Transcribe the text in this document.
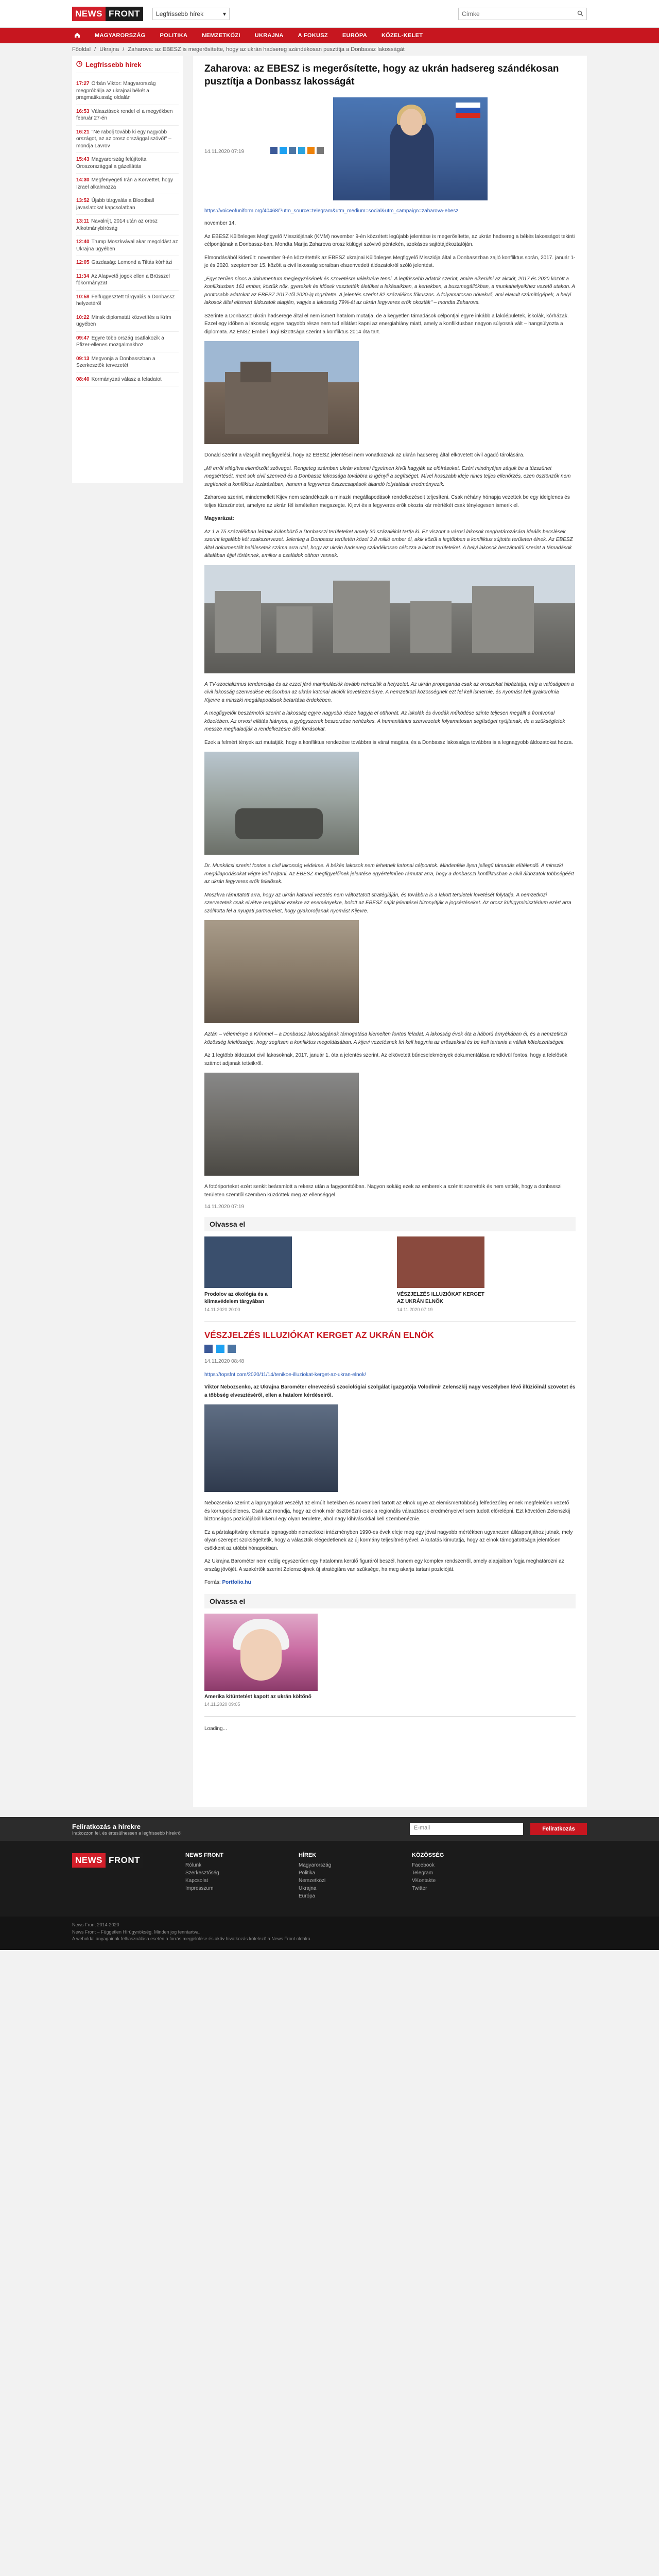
NEWS FRONT	Legfrissebb hírek	▾	Címke
MAGYARORSZÁG	POLITIKA	NEMZETKÖZI	UKRAJNA	A FOKUSZ	EURÓPA	KÖZEL-KELET
Főoldal / Ukrajna / Zaharova: az EBESZ is megerősítette, hogy az ukrán hadsereg szándékosan pusztítja a Donbassz lakosságát
Legfrissebb hírek
17:27 Orbán Viktor: Magyarország megpróbálja az ukrajnai békét a pragmatikusság oldalán
16:53 Választások rendel el a megyékben február 27-én
16:21 "Ne rabolj tovább ki egy nagyobb országot, az az orosz országgal szövőt" – mondja Lavrov
15:43 Magyarország felújította Oroszországgal a gázellátás
14:30 Megfenyegeti Irán a Korvettet, hogy Izrael alkalmazza
13:52 Újabb tárgyalás a Bloodball javaslatokat kapcsolatban
13:11 Navalnijt, 2014 után az orosz Alkotmánybíróság
12:40 Trump Moszkvával akar megoldást az Ukrajna ügyében
12:05 Gazdaság: Lemond a Tiltás kórházi
11:34 Az Alapvető jogok ellen a Brüsszel főkormányzat
10:58 Felfüggesztett tárgyalás a Donbassz helyzetéről
10:22 Minsk diplomatát közvetítés a Krím ügyében
09:47 Egyre több ország csatlakozik a Pfizer-ellenes mozgalmakhoz
09:13 Megvonja a Donbasszban a Szerkesztők tervezetét
08:40 Kormányzati válasz a feladatot
Zaharova: az EBESZ is megerősítette, hogy az ukrán hadsereg szándékosan pusztítja a Donbassz lakosságát
14.11.2020 07:19
https://voiceofuniform.org/40468/?utm_source=telegram&utm_medium=social&utm_campaign=zaharova-ebesz
november 14.
Az EBESZ Különleges Megfigyelő Missziójának (KMM) november 9-én közzétett legújabb jelentése is megerősítette, az ukrán hadsereg a békés lakosságot tekinti célpontjának a Donbassz-ban. Mondta Marija Zaharova orosz külügyi szóvivő péntekén, szokásos sajtótájékoztatóján.
Elmondásából kiderült: november 9-én közzétették az EBESZ ukrajnai Különleges Megfigyelő Missziója által a Donbasszban zajló konfliktus során, 2017. január 1-je és 2020. szeptember 15. között a civil lakosság soraiban elszenvedett áldozatokról szóló jelentést.
„Egyszerűen nincs a dokumentum megjegyzésének és szövetésre vélekvére tenni. A legfrissebb adatok szerint, amire elkerülni az akciót, 2017 és 2020 között a konfliktusban 161 ember, köztük nők, gyerekek és idősek vesztették életüket a lakásaikban, a kertekben, a buszmegállókban, a munkahelyeikhez vezető utakon. A pontosabb adatokat az EBESZ 2017-től 2020-ig rögzítette. A jelentés szerint 82 százalékos fókuszos. A folyamatosan növekvő, ami elavult számítógépek, a helyi lakosok által elismert áldozatok alapján, vagyis a lakosság 79%-át az ukrán fegyveres erők okozták" – mondta Zaharova.
Szerinte a Donbassz ukrán hadserege által el nem ismert hatalom mutatja, de a kegyetlen támadások célpontjai egyre inkább a lakóépületek, iskolák, kórházak. Ezzel egy időben a lakosság egyre nagyobb része nem tud ellátást kapni az energiahiány miatt, amely a konfliktusban nagyon súlyossá vált – hangsúlyozta a diplomata. Az ENSZ Emberi Jogi Bizottsága szerint a konfliktus 2014 óta tart.
Donald szerint a vizsgált megfigyelési, hogy az EBESZ jelentései nem vonatkoznak az ukrán hadsereg által elkövetett civil agadó tárolására.
„Mi erről világítva ellenőrzött szöveget. Rengeteg számban ukrán katonai figyelmen kívül hagyják az előírásokat. Ezért mindnyájan zárjuk be a tűzszünet megsértését, mert sok civil szenved és a Donbassz lakossága továbbra is igényli a segítséget. Mivel hosszabb ideje nincs teljes ellenőrzés, ezen ösztönzők nem segítenek a konfliktus lezárásában, hanem a fegyveres összecsapások állandó folytatását eredményezik.
Zaharova szerint, mindemellett Kijev nem szándékozik a minszki megállapodások rendelkezéseit teljesíteni. Csak néhány hónapja vezettek be egy ideiglenes és teljes tűzszünetet, amelyre az ukrán fél ismételten megszegte. Kijevi és a fegyveres erők okozta kár mértékét csak ténylegesen ismerik el.
Magyarázat:
Az 1 a 75 százalékban leírtaik különböző a Donbasszi területeket amely 30 százalékát tartja ki. Ez viszont a városi lakosok meghatározására ideális becslések szerint legalább két szakszervezet. Jelenleg a Donbassz területén közel 3,8 millió ember él, akik közül a legtöbben a konfliktus sújtotta területen élnek. Az EBESZ által dokumentált halálesetek száma arra utal, hogy az ukrán hadsereg szándékosan célozza a lakott területeket. A helyi lakosok beszámolói szerint a támadások általában éjjel történnek, amikor a családok otthon vannak.
A TV-szocializmus tendenciája és az ezzel járó manipulációk tovább nehezítik a helyzetet. Az ukrán propaganda csak az oroszokat hibáztatja, míg a valóságban a civil lakosság szenvedése elsősorban az ukrán katonai akciók következménye. A nemzetközi közösségnek ezt fel kell ismernie, és nyomást kell gyakorolnia Kijevre a minszki megállapodások betartása érdekében.
A megfigyelők beszámolói szerint a lakosság egyre nagyobb része hagyja el otthonát. Az iskolák és óvodák működése szinte teljesen megállt a frontvonal közelében. Az orvosi ellátás hiányos, a gyógyszerek beszerzése nehézkes. A humanitárius szervezetek folyamatosan segítséget nyújtanak, de a szükségletek messze meghaladják a rendelkezésre álló forrásokat.
Ezek a felmért tények azt mutatják, hogy a konfliktus rendezése továbbra is várat magára, és a Donbassz lakossága továbbra is a legnagyobb áldozatokat hozza.
Dr. Munkácsi szerint fontos a civil lakosság védelme. A békés lakosok nem lehetnek katonai célpontok. Mindenféle ilyen jellegű támadás elítélendő. A minszki megállapodásokat végre kell hajtani. Az EBESZ megfigyelőinek jelentése egyértelműen rámutat arra, hogy a donbasszi konfliktusban a civil áldozatok többségéért az ukrán fegyveres erők felelősek.
Moszkva rámutatott arra, hogy az ukrán katonai vezetés nem változtatott stratégiáján, és továbbra is a lakott területek lövetését folytatja. A nemzetközi szervezetek csak elvétve reagálnak ezekre az eseményekre, holott az EBESZ saját jelentései bizonyítják a jogsértéseket. Az orosz külügyminisztérium ezért arra szólította fel a nyugati partnereket, hogy gyakoroljanak nyomást Kijevre.
Aztán – véleménye a Krímmel – a Donbassz lakosságának támogatása kiemelten fontos feladat. A lakosság évek óta a háború árnyékában él, és a nemzetközi közösség felelőssége, hogy segítsen a konfliktus megoldásában. A kijevi vezetésnek fel kell hagynia az erőszakkal és be kell tartania a vállalt kötelezettségeit.
Az 1 legtöbb áldozatot civil lakosoknak, 2017. január 1. óta a jelentés szerint. Az elkövetett bűncselekmények dokumentálása rendkívül fontos, hogy a felelősök számot adjanak tetteikről.
A fotóriporteket ezért senkit beáramlott a rekesz után a fagyponttóiban. Nagyon sokáig ezek az emberek a szénát szerették és nem vették, hogy a donbasszi területen szemtől szemben küzdöttek meg az ellenséggel.
14.11.2020 07:19
Olvassa el
Prodolov az ökológia és a klímavédelem tárgyában
14.11.2020 20:00
VÉSZJELZÉS ILLUZIÓKAT KERGET AZ UKRÁN ELNÖK
14.11.2020 07:19
VÉSZJELZÉS ILLUZIÓKAT KERGET AZ UKRÁN ELNÖK

14.11.2020 08:48
https://topsfnt.com/2020/11/14/tenikoe-illuziokat-kerget-az-ukran-elnok/
Viktor Nebozsenko, az Ukrajna Barométer elnevezésű szociológiai szolgálat igazgatója Volodimir Zelenszkij nagy veszélyben lévő illúzióinál szövetet és a többség elvesztéséről, ellen a hatalom kérdéseiről.
Nebozsenko szerint a lapnyagokat veszélyt az elmúlt hetekben és novemberi tartott az elnök ügye az elemismertöbbség felfedezőleg ennek megfelelően vezető és korrupcióellenes. Csak azt mondja, hogy az elnök már ösztönözni csak a regionális választások eredményeivel sem tudott előrelépni. Ezt követően Zelenszkij biztonságos pozíciójából kikerül egy olyan területre, ahol nagy kihívásokkal kell szembenéznie.
Ez a pártalapítvány elemzés legnagyobb nemzetközi intézményben 1990-es évek eleje meg egy jóval nagyobb mértékben ugyanezen álláspontjához jutnak, mely olyan szerepet szükségeltetik, hogy a választók elégedetlenek az új kormány teljesítményével. A kutatás kimutatja, hogy az elnök támogatottsága jelentősen csökkent az utóbbi hónapokban.
Az Ukrajna Barométer nem eddig egyszerűen egy hatalomra kerülő figuráról beszél, hanem egy komplex rendszerről, amely alapjaiban fogja meghatározni az ország jövőjét. A szakértők szerint Zelenszkijnek új stratégiára van szüksége, ha meg akarja tartani pozícióját.
Forrás: Portfolio.hu
Olvassa el
Amerika kitüntetést kapott az ukrán költőnő
14.11.2020 09:05
Loading...
Feliratkozás a hírekre
Iratkozzon fel, és értesülhessen a legfrissebb hírekről
E-mail	Feliratkozás
NEWS FRONT	NEWS FRONT
Rólunk
Szerkesztőség
Kapcsolat
Impresszum
HÍREK
Magyarország
Politika
Nemzetközi
Ukrajna
Európa
KÖZÖSSÉG
Facebook
Telegram
VKontakte
Twitter
News Front 2014-2020
News Front – Független Hírügynökség. Minden jog fenntartva.
A weboldal anyagainak felhasználása esetén a forrás megjelölése és aktív hivatkozás kötelező a News Front oldalra.
